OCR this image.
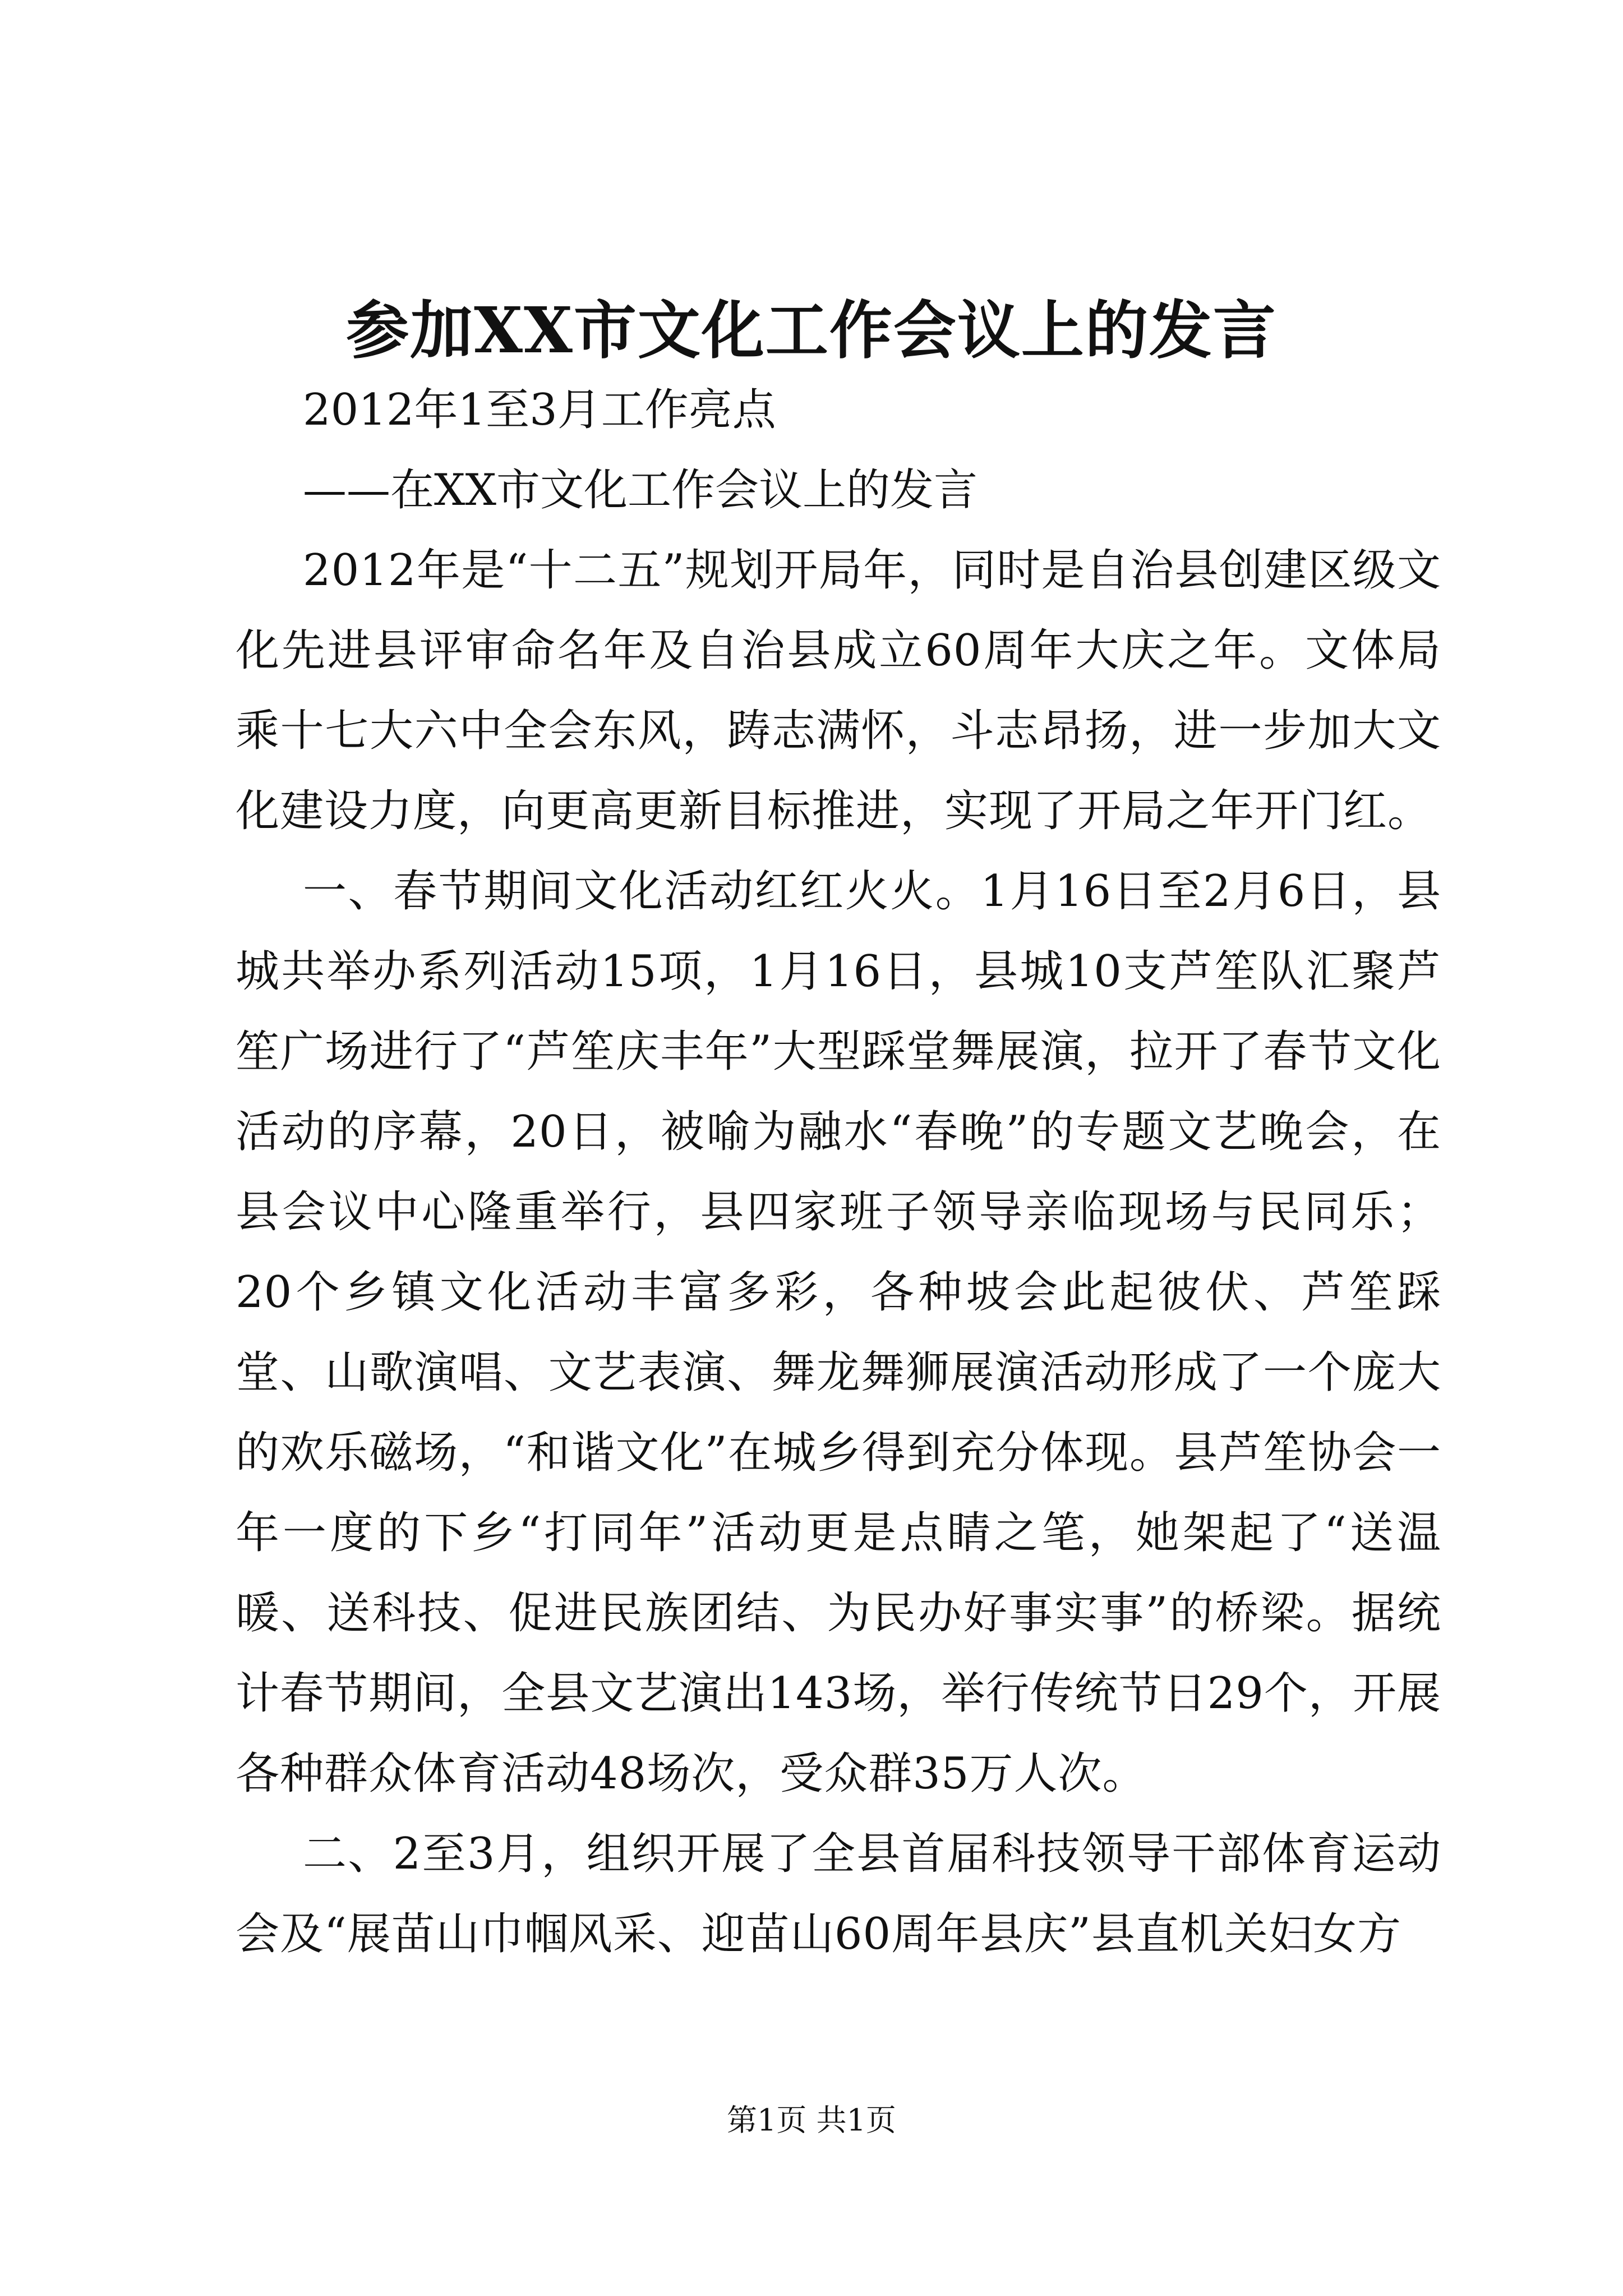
参加XX市文化工作会议上的发言

2012年1至3月工作亮点

——在XX市文化工作会议上的发言

2012年是“十二五”规划开局年，同时是自治县创建区级文化先进县评审命名年及自治县成立60周年大庆之年。文体局乘十七大六中全会东风，踌志满怀，斗志昂扬，进一步加大文化建设力度，向更高更新目标推进，实现了开局之年开门红。

一、春节期间文化活动红红火火。1月16日至2月6日，县城共举办系列活动15项，1月16日，县城10支芦笙队汇聚芦笙广场进行了“芦笙庆丰年”大型踩堂舞展演，拉开了春节文化活动的序幕，20日，被喻为融水“春晚”的专题文艺晚会，在县会议中心隆重举行，县四家班子领导亲临现场与民同乐；20个乡镇文化活动丰富多彩，各种坡会此起彼伏、芦笙踩堂、山歌演唱、文艺表演、舞龙舞狮展演活动形成了一个庞大的欢乐磁场，“和谐文化”在城乡得到充分体现。县芦笙协会一年一度的下乡“打同年”活动更是点睛之笔，她架起了“送温暖、送科技、促进民族团结、为民办好事实事”的桥梁。据统计春节期间，全县文艺演出143场，举行传统节日29个，开展各种群众体育活动48场次，受众群35万人次。

二、2至3月，组织开展了全县首届科技领导干部体育运动会及“展苗山巾帼风采、迎苗山60周年县庆”县直机关妇女方

第1页 共1页
